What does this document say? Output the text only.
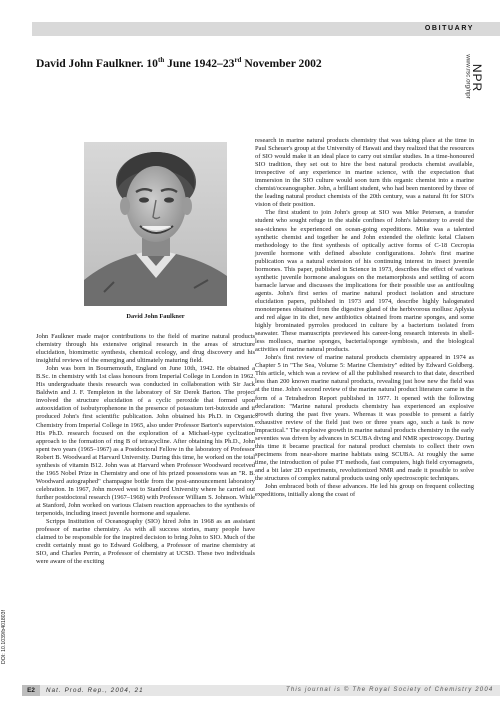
OBITUARY
David John Faulkner. 10th June 1942–23rd November 2002
NPR
www.rsc.org/npr
David John Faulkner

John Faulkner made major contributions to the field of marine natural products chemistry through his extensive original research in the areas of structure elucidation, biomimetic synthesis, chemical ecology, and drug discovery and his insightful reviews of the emerging and ultimately maturing field.

John was born in Bournemouth, England on June 10th, 1942. He obtained a B.Sc. in chemistry with 1st class honours from Imperial College in London in 1962. His undergraduate thesis research was conducted in collaboration with Sir Jack Baldwin and J. F. Templeton in the laboratory of Sir Derek Barton. The project involved the structure elucidation of a cyclic peroxide that formed upon autooxidation of isobutyrophenone in the presence of potassium tert-butoxide and it produced John's first scientific publication. John obtained his Ph.D. in Organic Chemistry from Imperial College in 1965, also under Professor Barton's supervision. His Ph.D. research focused on the exploration of a Michael-type cyclization approach to the formation of ring B of tetracycline. After obtaining his Ph.D., John spent two years (1965–1967) as a Postdoctoral Fellow in the laboratory of Professor Robert B. Woodward at Harvard University. During this time, he worked on the total synthesis of vitamin B12. John was at Harvard when Professor Woodward received the 1965 Nobel Prize in Chemistry and one of his prized possessions was an "R. B. Woodward autographed" champagne bottle from the post-announcement laboratory celebration. In 1967, John moved west to Stanford University where he carried out further postdoctoral research (1967–1968) with Professor William S. Johnson. While at Stanford, John worked on various Claisen reaction approaches to the synthesis of terpenoids, including insect juvenile hormone and squalene.

Scripps Institution of Oceanography (SIO) hired John in 1968 as an assistant professor of marine chemistry. As with all success stories, many people have claimed to be responsible for the inspired decision to bring John to SIO. Much of the credit certainly must go to Edward Goldberg, a Professor of marine chemistry at SIO, and Charles Perrin, a Professor of chemistry at UCSD. These two individuals were aware of the exciting

research in marine natural products chemistry that was taking place at the time in Paul Scheuer's group at the University of Hawaii and they realized that the resources of SIO would make it an ideal place to carry out similar studies. In a time-honoured SIO tradition, they set out to hire the best natural products chemist available, irrespective of any experience in marine science, with the expectation that immersion in the SIO culture would soon turn this organic chemist into a marine chemist/oceanographer. John, a brilliant student, who had been mentored by three of the leading natural product chemists of the 20th century, was a natural fit for SIO's vision of their position.

The first student to join John's group at SIO was Mike Petersen, a transfer student who sought refuge in the stable confines of John's laboratory to avoid the sea-sickness he experienced on ocean-going expeditions. Mike was a talented synthetic chemist and together he and John extended the olefinic ketal Claisen methodology to the first synthesis of optically active forms of C-18 Cecropia juvenile hormone with defined absolute configurations. John's first marine publication was a natural extension of his continuing interest in insect juvenile hormones. This paper, published in Science in 1973, describes the effect of various synthetic juvenile hormone analogues on the metamorphosis and settling of acorn barnacle larvae and discusses the implications for their possible use as antifouling agents. John's first series of marine natural product isolation and structure elucidation papers, published in 1973 and 1974, describe highly halogenated monoterpenes obtained from the digestive gland of the herbivorous mollusc Aplysia and red algae in its diet, new antibiotics obtained from marine sponges, and some highly brominated pyrroles produced in culture by a bacterium isolated from seawater. These manuscripts previewed his career-long research interests in shell-less molluscs, marine sponges, bacterial/sponge symbiosis, and the biological activities of marine natural products.

John's first review of marine natural products chemistry appeared in 1974 as Chapter 5 in "The Sea, Volume 5: Marine Chemistry" edited by Edward Goldberg. This article, which was a review of all the published research to that date, described less than 200 known marine natural products, revealing just how new the field was at the time. John's second review of the marine natural product literature came in the form of a Tetrahedron Report published in 1977. It opened with the following declaration: "Marine natural products chemistry has experienced an explosive growth during the past five years. Whereas it was possible to present a fairly exhaustive review of the field just two or three years ago, such a task is now impractical." The explosive growth in marine natural products chemistry in the early seventies was driven by advances in SCUBA diving and NMR spectroscopy. During this time it became practical for natural product chemists to collect their own specimens from near-shore marine habitats using SCUBA. At roughly the same time, the introduction of pulse FT methods, fast computers, high field cryomagnets, and a bit later 2D experiments, revolutionized NMR and made it possible to solve the structures of complex natural products using only spectroscopic techniques.

John embraced both of these advances. He led his group on frequent collecting expeditions, initially along the coast of

DOI: 10.1039/b401803f
E2	Nat. Prod. Rep., 2004, 21	This journal is © The Royal Society of Chemistry 2004
